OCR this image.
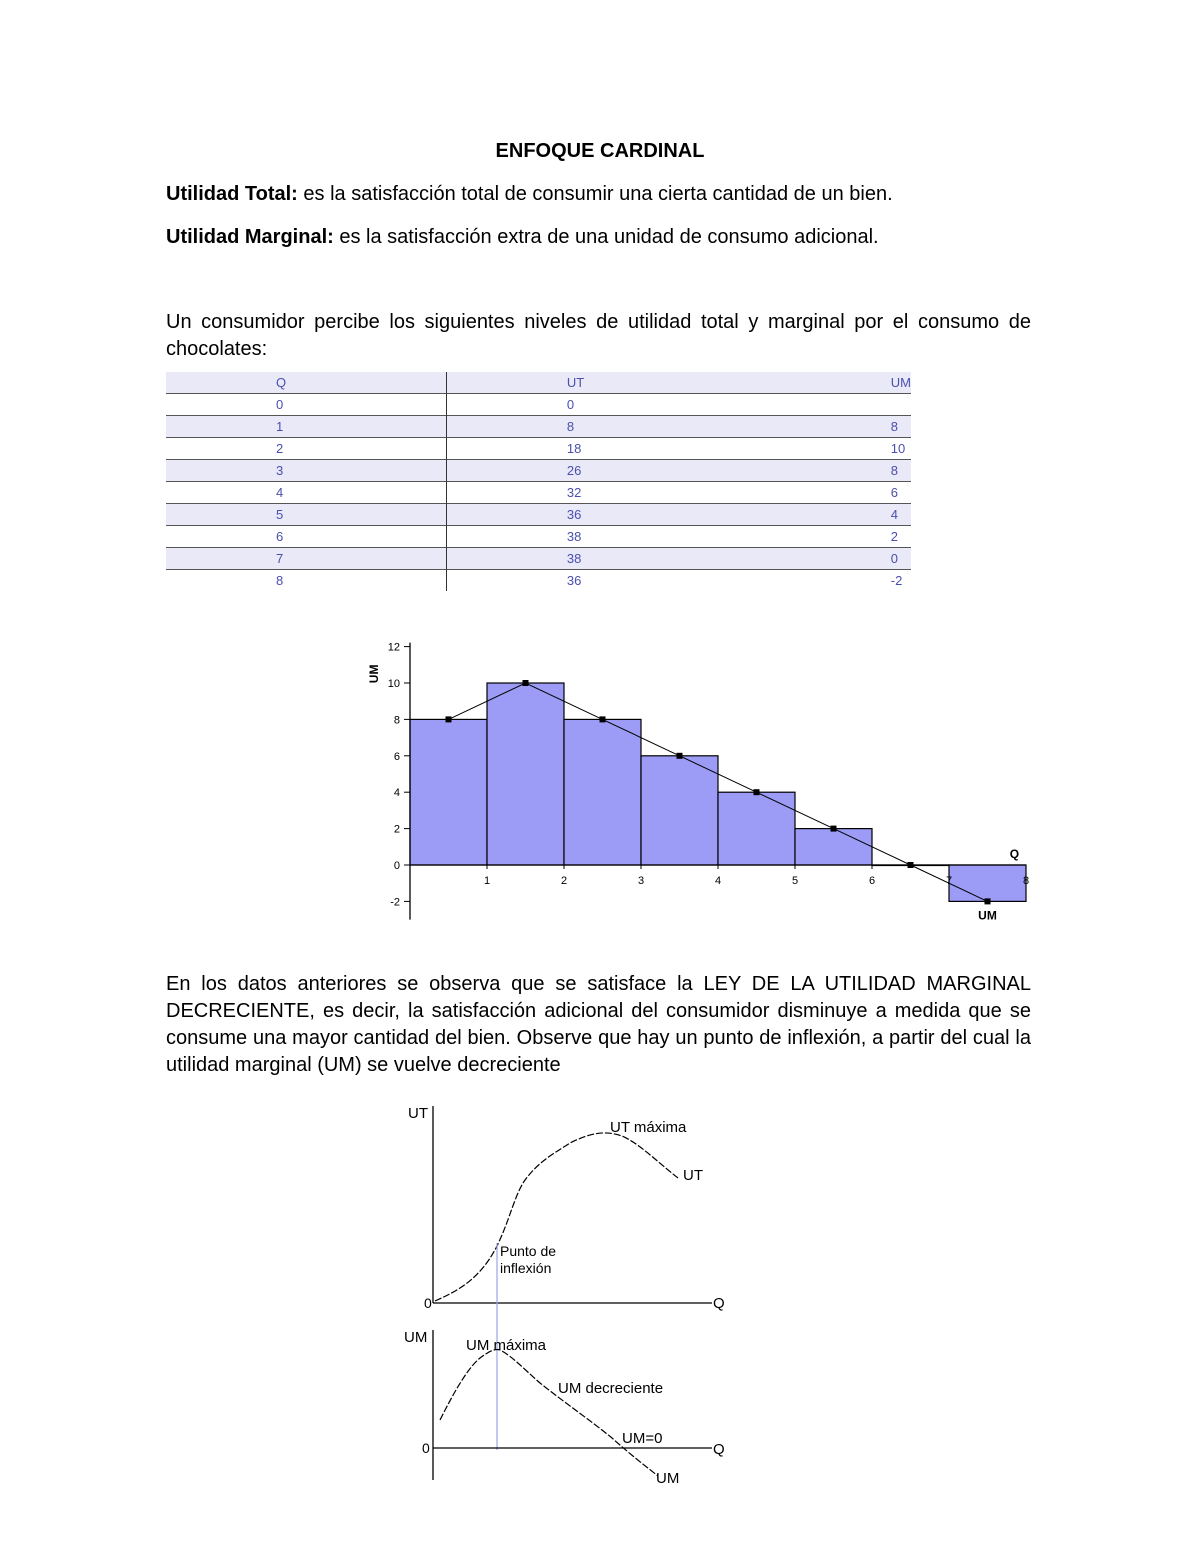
ENFOQUE CARDINAL
Utilidad Total: es la satisfacción total de consumir una cierta cantidad de un bien.
Utilidad Marginal: es la satisfacción extra de una unidad de consumo adicional.
Un consumidor percibe los siguientes niveles de utilidad total y marginal por el consumo de chocolates:
Q	UT	UM
0	0	
1	8	8
2	18	10
3	26	8
4	32	6
5	36	4
6	38	2
7	38	0
8	36	-2
-2
0
2
4
6
8
10
12
1	2	3	4	5	6	7	8
UM
Q
UM
En los datos anteriores se observa que se satisface la LEY DE LA UTILIDAD MARGINAL DECRECIENTE, es decir, la satisfacción adicional del consumidor disminuye a medida que se consume una mayor cantidad del bien. Observe que hay un punto de inflexión, a partir del cual la utilidad marginal (UM) se vuelve decreciente
UT
Q
0
UT máxima
UT
Punto de
inflexión
UM
Q
0
UM máxima
UM decreciente
UM=0
UM
